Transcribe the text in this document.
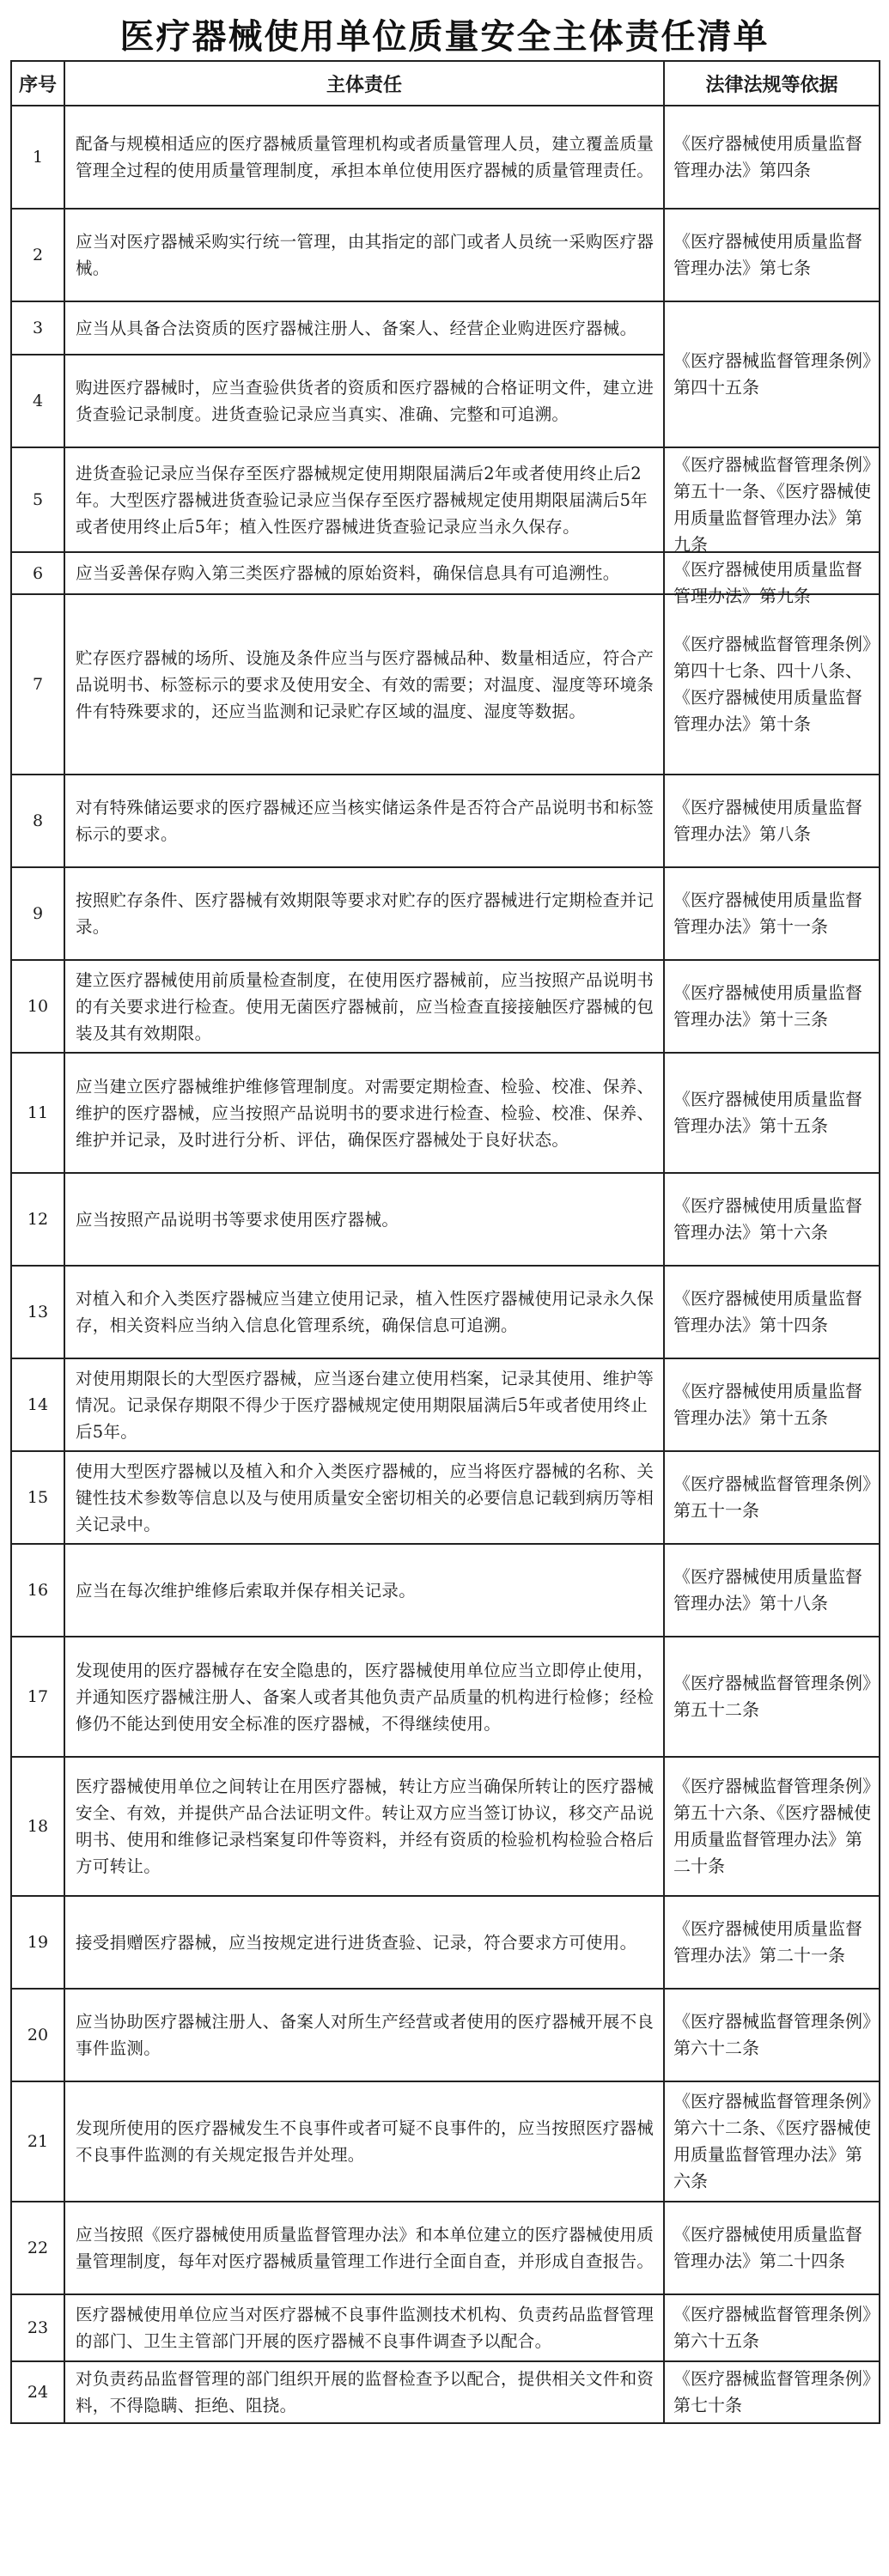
医疗器械使用单位质量安全主体责任清单
序号	主体责任	法律法规等依据
1	配备与规模相适应的医疗器械质量管理机构或者质量管理人员，建立覆盖质量管理全过程的使用质量管理制度，承担本单位使用医疗器械的质量管理责任。	《医疗器械使用质量监督管理办法》第四条

2	应当对医疗器械采购实行统一管理，由其指定的部门或者人员统一采购医疗器械。	《医疗器械使用质量监督管理办法》第七条

3	应当从具备合法资质的医疗器械注册人、备案人、经营企业购进医疗器械。	《医疗器械监督管理条例》第四十五条

4	购进医疗器械时，应当查验供货者的资质和医疗器械的合格证明文件，建立进货查验记录制度。进货查验记录应当真实、准确、完整和可追溯。	

5	进货查验记录应当保存至医疗器械规定使用期限届满后2年或者使用终止后2年。大型医疗器械进货查验记录应当保存至医疗器械规定使用期限届满后5年或者使用终止后5年；植入性医疗器械进货查验记录应当永久保存。	《医疗器械监督管理条例》第五十一条、《医疗器械使用质量监督管理办法》第九条

6	应当妥善保存购入第三类医疗器械的原始资料，确保信息具有可追溯性。	《医疗器械使用质量监督管理办法》第九条

7	贮存医疗器械的场所、设施及条件应当与医疗器械品种、数量相适应，符合产品说明书、标签标示的要求及使用安全、有效的需要；对温度、湿度等环境条件有特殊要求的，还应当监测和记录贮存区域的温度、湿度等数据。	《医疗器械监督管理条例》第四十七条、四十八条、《医疗器械使用质量监督管理办法》第十条

8	对有特殊储运要求的医疗器械还应当核实储运条件是否符合产品说明书和标签标示的要求。	《医疗器械使用质量监督管理办法》第八条

9	按照贮存条件、医疗器械有效期限等要求对贮存的医疗器械进行定期检查并记录。	《医疗器械使用质量监督管理办法》第十一条

10	建立医疗器械使用前质量检查制度，在使用医疗器械前，应当按照产品说明书的有关要求进行检查。使用无菌医疗器械前，应当检查直接接触医疗器械的包装及其有效期限。	《医疗器械使用质量监督管理办法》第十三条

11	应当建立医疗器械维护维修管理制度。对需要定期检查、检验、校准、保养、维护的医疗器械，应当按照产品说明书的要求进行检查、检验、校准、保养、维护并记录，及时进行分析、评估，确保医疗器械处于良好状态。	《医疗器械使用质量监督管理办法》第十五条

12	应当按照产品说明书等要求使用医疗器械。	《医疗器械使用质量监督管理办法》第十六条

13	对植入和介入类医疗器械应当建立使用记录，植入性医疗器械使用记录永久保存，相关资料应当纳入信息化管理系统，确保信息可追溯。	《医疗器械使用质量监督管理办法》第十四条

14	对使用期限长的大型医疗器械，应当逐台建立使用档案，记录其使用、维护等情况。记录保存期限不得少于医疗器械规定使用期限届满后5年或者使用终止后5年。	《医疗器械使用质量监督管理办法》第十五条

15	使用大型医疗器械以及植入和介入类医疗器械的，应当将医疗器械的名称、关键性技术参数等信息以及与使用质量安全密切相关的必要信息记载到病历等相关记录中。	《医疗器械监督管理条例》第五十一条

16	应当在每次维护维修后索取并保存相关记录。	《医疗器械使用质量监督管理办法》第十八条

17	发现使用的医疗器械存在安全隐患的，医疗器械使用单位应当立即停止使用，并通知医疗器械注册人、备案人或者其他负责产品质量的机构进行检修；经检修仍不能达到使用安全标准的医疗器械，不得继续使用。	《医疗器械监督管理条例》第五十二条

18	医疗器械使用单位之间转让在用医疗器械，转让方应当确保所转让的医疗器械安全、有效，并提供产品合法证明文件。转让双方应当签订协议，移交产品说明书、使用和维修记录档案复印件等资料，并经有资质的检验机构检验合格后方可转让。	《医疗器械监督管理条例》第五十六条、《医疗器械使用质量监督管理办法》第二十条

19	接受捐赠医疗器械，应当按规定进行进货查验、记录，符合要求方可使用。	《医疗器械使用质量监督管理办法》第二十一条

20	应当协助医疗器械注册人、备案人对所生产经营或者使用的医疗器械开展不良事件监测。	《医疗器械监督管理条例》第六十二条

21	发现所使用的医疗器械发生不良事件或者可疑不良事件的，应当按照医疗器械不良事件监测的有关规定报告并处理。	《医疗器械监督管理条例》第六十二条、《医疗器械使用质量监督管理办法》第六条

22	应当按照《医疗器械使用质量监督管理办法》和本单位建立的医疗器械使用质量管理制度，每年对医疗器械质量管理工作进行全面自查，并形成自查报告。	《医疗器械使用质量监督管理办法》第二十四条

23	医疗器械使用单位应当对医疗器械不良事件监测技术机构、负责药品监督管理的部门、卫生主管部门开展的医疗器械不良事件调查予以配合。	《医疗器械监督管理条例》第六十五条

24	对负责药品监督管理的部门组织开展的监督检查予以配合，提供相关文件和资料，不得隐瞒、拒绝、阻挠。	《医疗器械监督管理条例》第七十条
